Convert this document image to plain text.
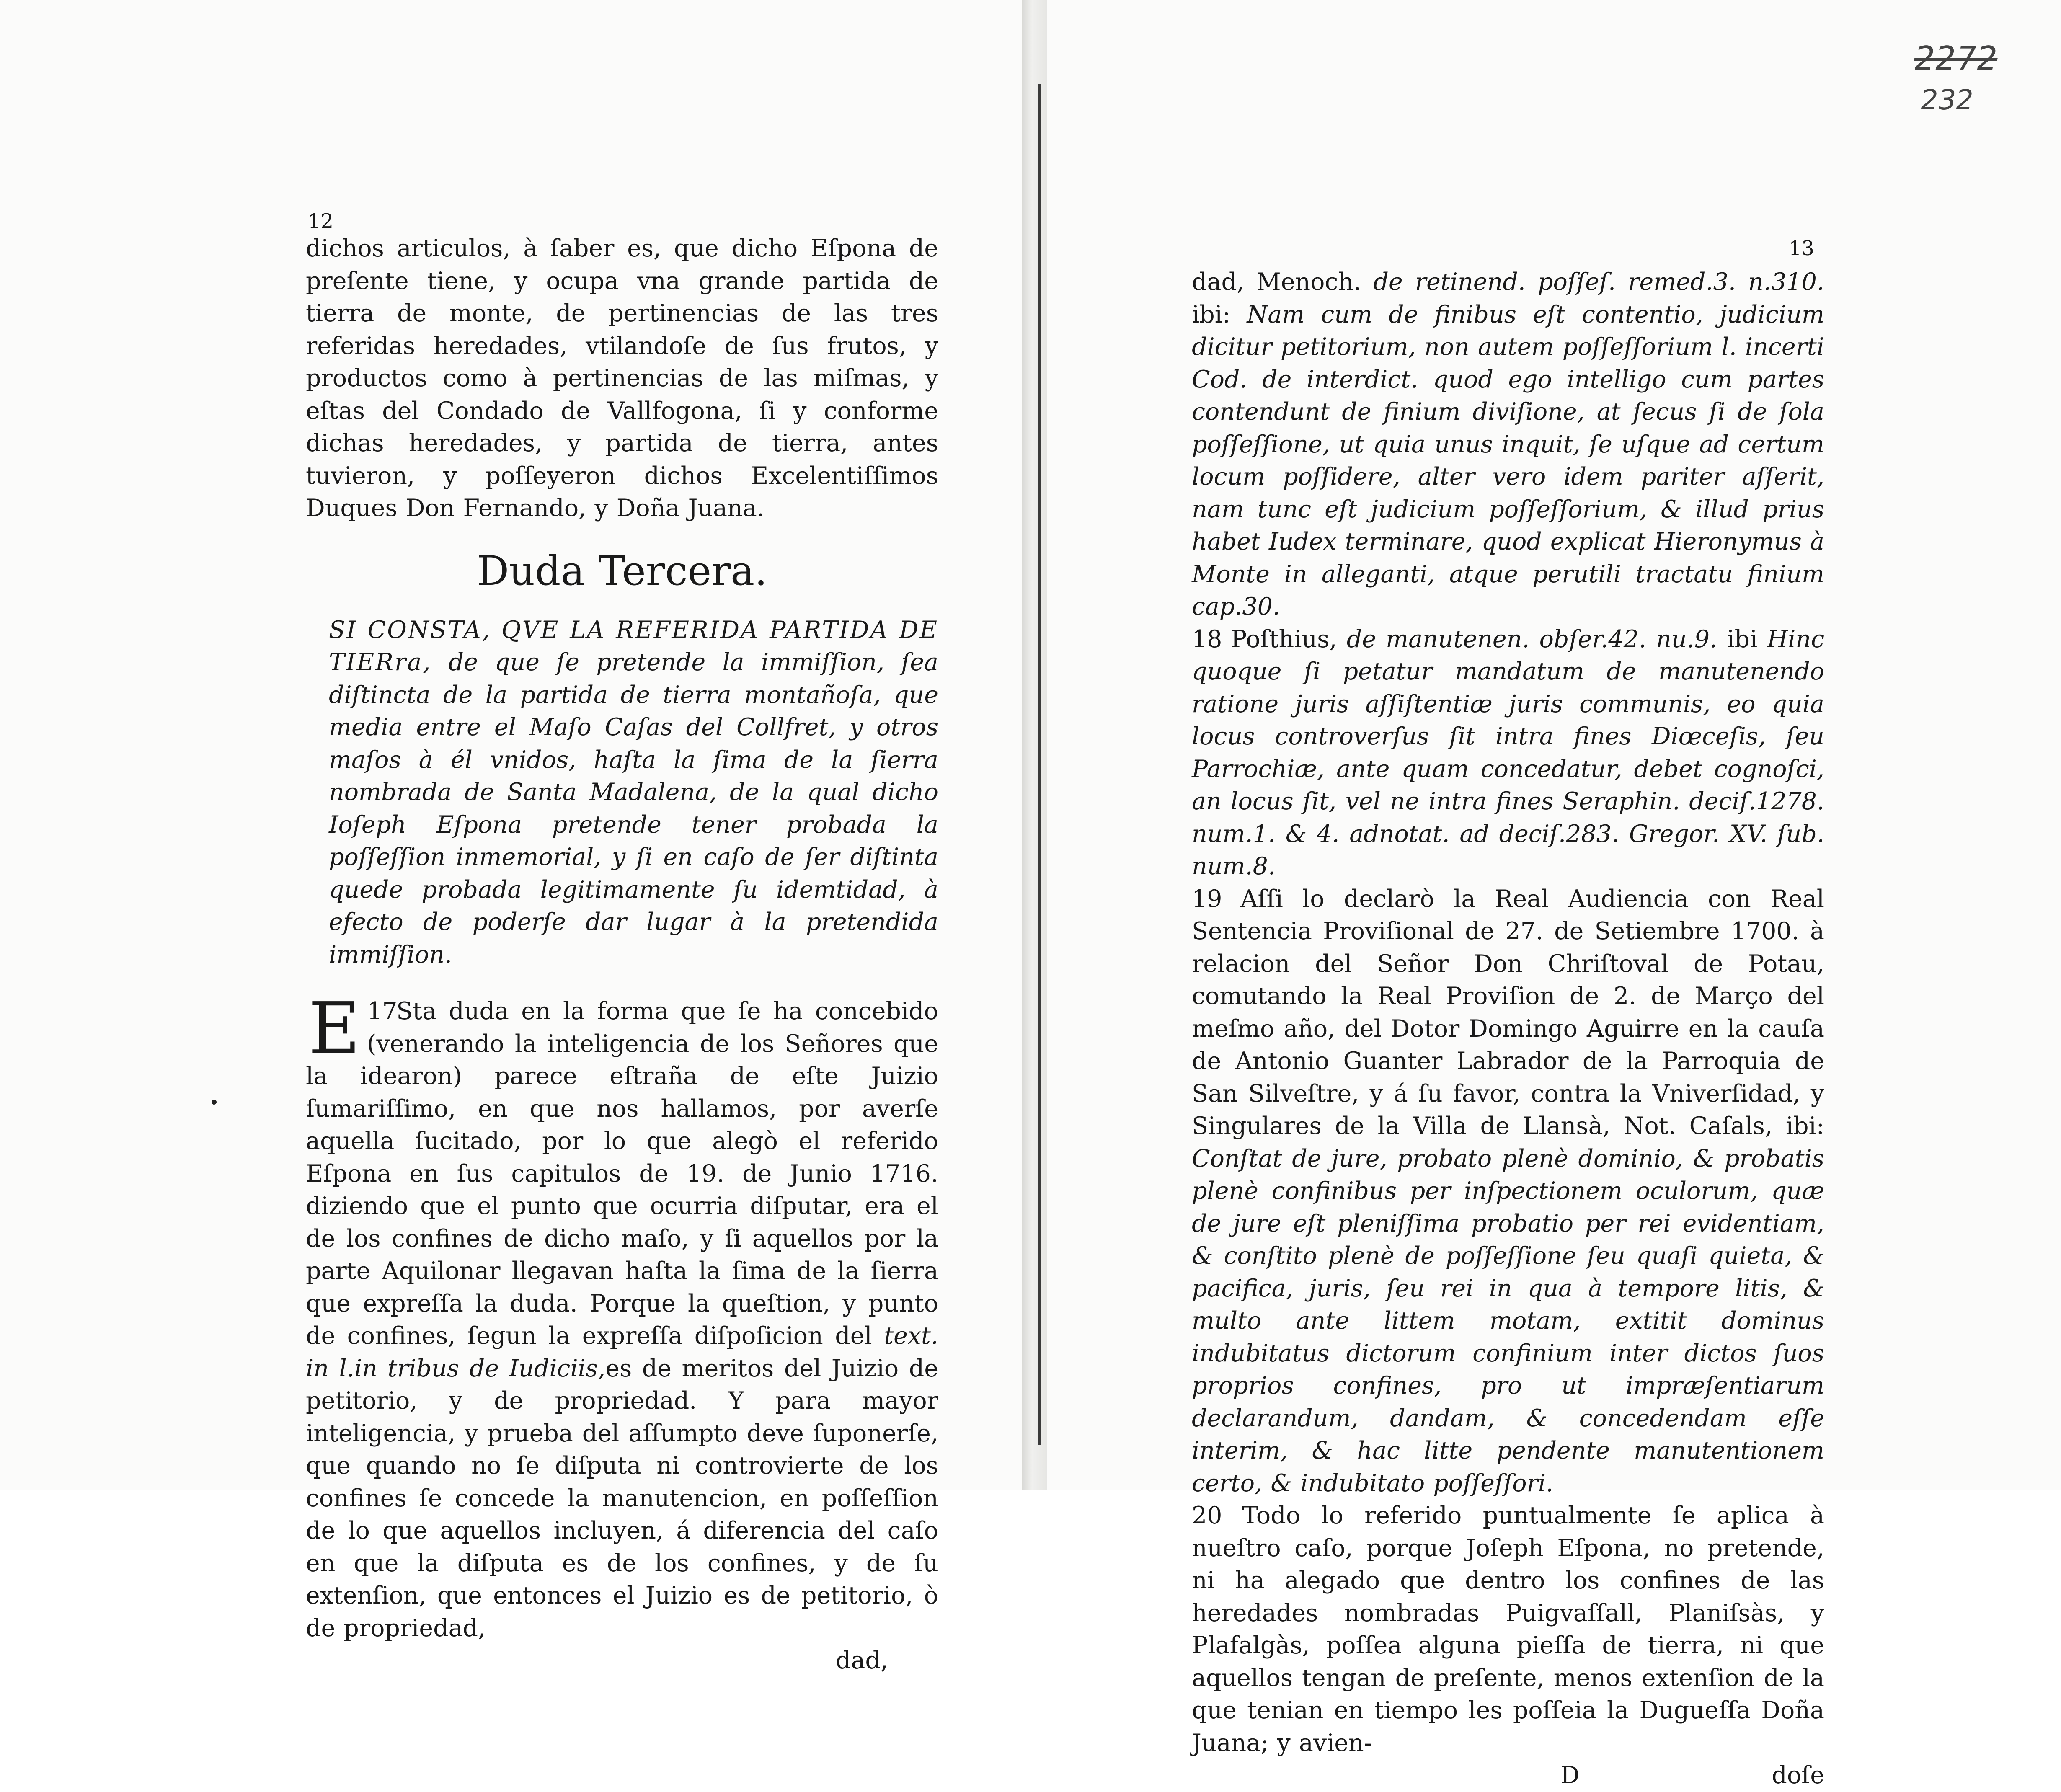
2272
232
12

dichos articulos, à ſaber es, que dicho Eſpona de preſente tiene, y ocupa vna grande partida de tierra de monte, de pertinencias de las tres referidas heredades, vtilandoſe de ſus frutos, y productos como à pertinencias de las miſmas, y eſtas del Condado de Vallfogona, ſi y conforme dichas heredades, y partida de tierra, antes tuvieron, y poſſeyeron dichos Excelentiſſimos Duques Don Fernando, y Doña Juana.

Duda Tercera.

SI CONSTA, QVE LA REFERIDA PARTIDA DE TIERra, de que ſe pretende la immiſſion, ſea diſtincta de la partida de tierra montañoſa, que media entre el Maſo Caſas del Collfret, y otros maſos à él vnidos, haſta la ſima de la ſierra nombrada de Santa Madalena, de la qual dicho Ioſeph Eſpona pretende tener probada la poſſeſſion inmemorial, y ſi en caſo de ſer diſtinta quede probada legitimamente ſu idemtidad, à efecto de poderſe dar lugar à la pretendida immiſſion.

17
E Sta duda en la forma que ſe ha concebido (venerando la inteligencia de los Señores que la idearon) parece eſtraña de eſte Juizio ſumariſſimo, en que nos hallamos, por averſe aquella ſucitado, por lo que alegò el referido Eſpona en ſus capitulos de 19. de Junio 1716. diziendo que el punto que ocurria diſputar, era el de los confines de dicho maſo, y ſi aquellos por la parte Aquilonar llegavan haſta la ſima de la ſierra que expreſſa la duda. Porque la queſtion, y punto de confines, ſegun la expreſſa diſpoſicion del text. in l.in tribus de Iudiciis,es de meritos del Juizio de petitorio, y de propriedad. Y para mayor inteligencia, y prueba del aſſumpto deve ſuponerſe, que quando no ſe diſputa ni controvierte de los confines ſe concede la manutencion, en poſſeſſion de lo que aquellos incluyen, á diferencia del caſo en que la diſputa es de los confines, y de ſu extenſion, que entonces el Juizio es de petitorio, ò de propriedad,

dad,
13

dad, Menoch. de retinend. poſſeſ. remed.3. n.310. ibi: Nam cum de finibus eſt contentio, judicium dicitur petitorium, non autem poſſeſſorium l. incerti Cod. de interdict. quod ego intelligo cum partes contendunt de finium diviſione, at ſecus ſi de ſola poſſeſſione, ut quia unus inquit, ſe uſque ad certum locum poſſidere, alter vero idem pariter aſſerit, nam tunc eſt judicium poſſeſſorium, & illud prius habet Iudex terminare, quod explicat Hieronymus à Monte in alleganti, atque perutili tractatu finium cap.30.

18 Poſthius, de manutenen. obſer.42. nu.9. ibi Hinc quoque ſi petatur mandatum de manutenendo ratione juris aſſiſtentiæ juris communis, eo quia locus controverſus ſit intra fines Diœceſis, ſeu Parrochiæ, ante quam concedatur, debet cognoſci, an locus ſit, vel ne intra fines Seraphin. deciſ.1278. num.1. & 4. adnotat. ad deciſ.283. Gregor. XV. ſub. num.8.

19 Aſſi lo declarò la Real Audiencia con Real Sentencia Proviſional de 27. de Setiembre 1700. à relacion del Señor Don Chriſtoval de Potau, comutando la Real Proviſion de 2. de Março del meſmo año, del Dotor Domingo Aguirre en la cauſa de Antonio Guanter Labrador de la Parroquia de San Silveſtre, y á ſu favor, contra la Vniverſidad, y Singulares de la Villa de Llansà, Not. Caſals, ibi: Conſtat de jure, probato plenè dominio, & probatis plenè confinibus per inſpectionem oculorum, quæ de jure eſt pleniſſima probatio per rei evidentiam, & conſtito plenè de poſſeſſione ſeu quaſi quieta, & pacifica, juris, ſeu rei in qua à tempore litis, & multo ante littem motam, extitit dominus indubitatus dictorum confinium inter dictos ſuos proprios confines, pro ut impræſentiarum declarandum, dandam, & concedendam eſſe interim, & hac litte pendente manutentionem certo, & indubitato poſſeſſori.

20 Todo lo referido puntualmente ſe aplica à nueſtro caſo, porque Joſeph Eſpona, no pretende, ni ha alegado que dentro los confines de las heredades nombradas Puigvaſſall, Planiſsàs, y Plafalgàs, poſſea alguna pieſſa de tierra, ni que aquellos tengan de preſente, menos extenſion de la que tenian en tiempo les poſſeia la Dugueſſa Doña Juana; y avien-

D	doſe
